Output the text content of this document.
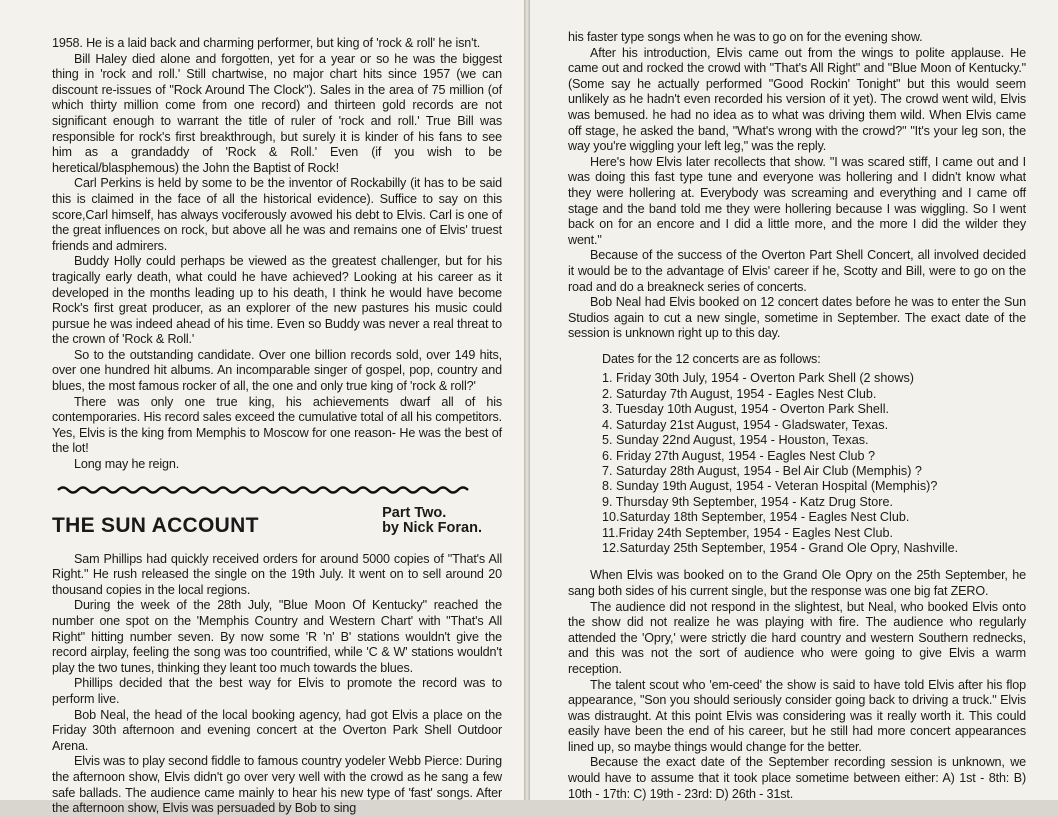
1958. He is a laid back and charming performer, but king of 'rock & roll' he isn't.

Bill Haley died alone and forgotten, yet for a year or so he was the biggest thing in 'rock and roll.' Still chartwise, no major chart hits since 1957 (we can discount re-issues of "Rock Around The Clock"). Sales in the area of 75 million (of which thirty million come from one record) and thirteen gold records are not significant enough to warrant the title of ruler of 'rock and roll.' True Bill was responsible for rock's first breakthrough, but surely it is kinder of his fans to see him as a grandaddy of 'Rock & Roll.' Even (if you wish to be heretical/blasphemous) the John the Baptist of Rock!

Carl Perkins is held by some to be the inventor of Rockabilly (it has to be said this is claimed in the face of all the historical evidence). Suffice to say on this score,Carl himself, has always vociferously avowed his debt to Elvis. Carl is one of the great influences on rock, but above all he was and remains one of Elvis' truest friends and admirers.

Buddy Holly could perhaps be viewed as the greatest challenger, but for his tragically early death, what could he have achieved? Looking at his career as it developed in the months leading up to his death, I think he would have become Rock's first great producer, as an explorer of the new pastures his music could pursue he was indeed ahead of his time. Even so Buddy was never a real threat to the crown of 'Rock & Roll.'

So to the outstanding candidate. Over one billion records sold, over 149 hits, over one hundred hit albums. An incomparable singer of gospel, pop, country and blues, the most famous rocker of all, the one and only true king of 'rock & roll?'

There was only one true king, his achievements dwarf all of his contemporaries. His record sales exceed the cumulative total of all his competitors. Yes, Elvis is the king from Memphis to Moscow for one reason- He was the best of the lot!

Long may he reign.

THE SUN ACCOUNT
Part Two.
by Nick Foran.

Sam Phillips had quickly received orders for around 5000 copies of "That's All Right." He rush released the single on the 19th July. It went on to sell around 20 thousand copies in the local regions.

During the week of the 28th July, "Blue Moon Of Kentucky" reached the number one spot on the 'Memphis Country and Western Chart' with "That's All Right" hitting number seven. By now some 'R 'n' B' stations wouldn't give the record airplay, feeling the song was too countrified, while 'C & W' stations wouldn't play the two tunes, thinking they leant too much towards the blues.

Phillips decided that the best way for Elvis to promote the record was to perform live.

Bob Neal, the head of the local booking agency, had got Elvis a place on the Friday 30th afternoon and evening concert at the Overton Park Shell Outdoor Arena.

Elvis was to play second fiddle to famous country yodeler Webb Pierce: During the afternoon show, Elvis didn't go over very well with the crowd as he sang a few safe ballads. The audience came mainly to hear his new type of 'fast' songs. After the afternoon show, Elvis was persuaded by Bob to sing

his faster type songs when he was to go on for the evening show.

After his introduction, Elvis came out from the wings to polite applause. He came out and rocked the crowd with "That's All Right" and "Blue Moon of Kentucky." (Some say he actually performed "Good Rockin' Tonight" but this would seem unlikely as he hadn't even recorded his version of it yet). The crowd went wild, Elvis was bemused. he had no idea as to what was driving them wild. When Elvis came off stage, he asked the band, "What's wrong with the crowd?" "It's your leg son, the way you're wiggling your left leg," was the reply.

Here's how Elvis later recollects that show. "I was scared stiff, I came out and I was doing this fast type tune and everyone was hollering and I didn't know what they were hollering at. Everybody was screaming and everything and I came off stage and the band told me they were hollering because I was wiggling. So I went back on for an encore and I did a little more, and the more I did the wilder they went."

Because of the success of the Overton Part Shell Concert, all involved decided it would be to the advantage of Elvis' career if he, Scotty and Bill, were to go on the road and do a breakneck series of concerts.

Bob Neal had Elvis booked on 12 concert dates before he was to enter the Sun Studios again to cut a new single, sometime in September. The exact date of the session is unknown right up to this day.

Dates for the 12 concerts are as follows:

1. Friday 30th July, 1954 - Overton Park Shell (2 shows)
2. Saturday 7th August, 1954 - Eagles Nest Club.
3. Tuesday 10th August, 1954 - Overton Park Shell.
4. Saturday 21st August, 1954 - Gladswater, Texas.
5. Sunday 22nd August, 1954 - Houston, Texas.
6. Friday 27th August, 1954 - Eagles Nest Club ?
7. Saturday 28th August, 1954 - Bel Air Club (Memphis) ?
8. Sunday 19th August, 1954 - Veteran Hospital (Memphis)?
9. Thursday 9th September, 1954 - Katz Drug Store.
10.Saturday 18th September, 1954 - Eagles Nest Club.
11.Friday 24th September, 1954 - Eagles Nest Club.
12.Saturday 25th September, 1954 - Grand Ole Opry, Nashville.

When Elvis was booked on to the Grand Ole Opry on the 25th September, he sang both sides of his current single, but the response was one big fat ZERO.

The audience did not respond in the slightest, but Neal, who booked Elvis onto the show did not realize he was playing with fire. The audience who regularly attended the 'Opry,' were strictly die hard country and western Southern rednecks, and this was not the sort of audience who were going to give Elvis a warm reception.

The talent scout who 'em-ceed' the show is said to have told Elvis after his flop appearance, "Son you should seriously consider going back to driving a truck." Elvis was distraught. At this point Elvis was considering was it really worth it. This could easily have been the end of his career, but he still had more concert appearances lined up, so maybe things would change for the better.

Because the exact date of the September recording session is unknown, we would have to assume that it took place sometime between either: A) 1st - 8th: B) 10th - 17th: C) 19th - 23rd: D) 26th - 31st.
